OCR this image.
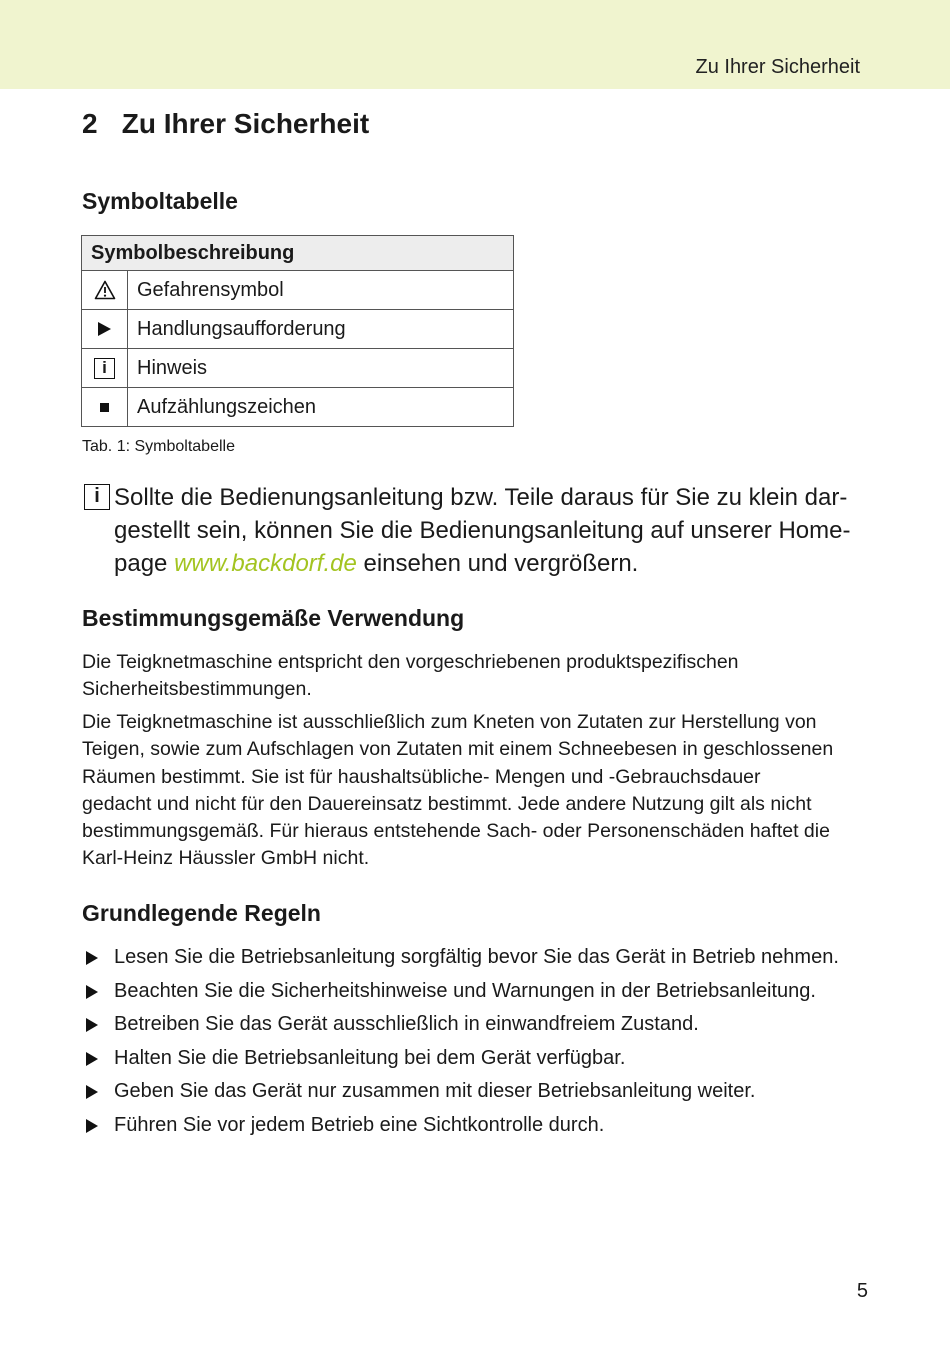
Zu Ihrer Sicherheit
2 Zu Ihrer Sicherheit
Symboltabelle
Symbolbeschreibung	
	Gefahrensymbol
	Handlungsaufforderung
i	Hinweis
	Aufzählungszeichen
Tab. 1: Symboltabelle
i Sollte die Bedienungsanleitung bzw. Teile daraus für Sie zu klein dar-
gestellt sein, können Sie die Bedienungsanleitung auf unserer Home-
page www.backdorf.de einsehen und vergrößern.
Bestimmungsgemäße Verwendung
Die Teigknetmaschine entspricht den vorgeschriebenen produktspezifischen
Sicherheitsbestimmungen.
Die Teigknetmaschine ist ausschließlich zum Kneten von Zutaten zur Herstellung von
Teigen, sowie zum Aufschlagen von Zutaten mit einem Schneebesen in geschlossenen
Räumen bestimmt. Sie ist für haushaltsübliche- Mengen und -Gebrauchsdauer
gedacht und nicht für den Dauereinsatz bestimmt. Jede andere Nutzung gilt als nicht
bestimmungsgemäß. Für hieraus entstehende Sach- oder Personenschäden haftet die
Karl-Heinz Häussler GmbH nicht.
Grundlegende Regeln
Lesen Sie die Betriebsanleitung sorgfältig bevor Sie das Gerät in Betrieb nehmen.
Beachten Sie die Sicherheitshinweise und Warnungen in der Betriebsanleitung.
Betreiben Sie das Gerät ausschließlich in einwandfreiem Zustand.
Halten Sie die Betriebsanleitung bei dem Gerät verfügbar.
Geben Sie das Gerät nur zusammen mit dieser Betriebsanleitung weiter.
Führen Sie vor jedem Betrieb eine Sichtkontrolle durch.
5
